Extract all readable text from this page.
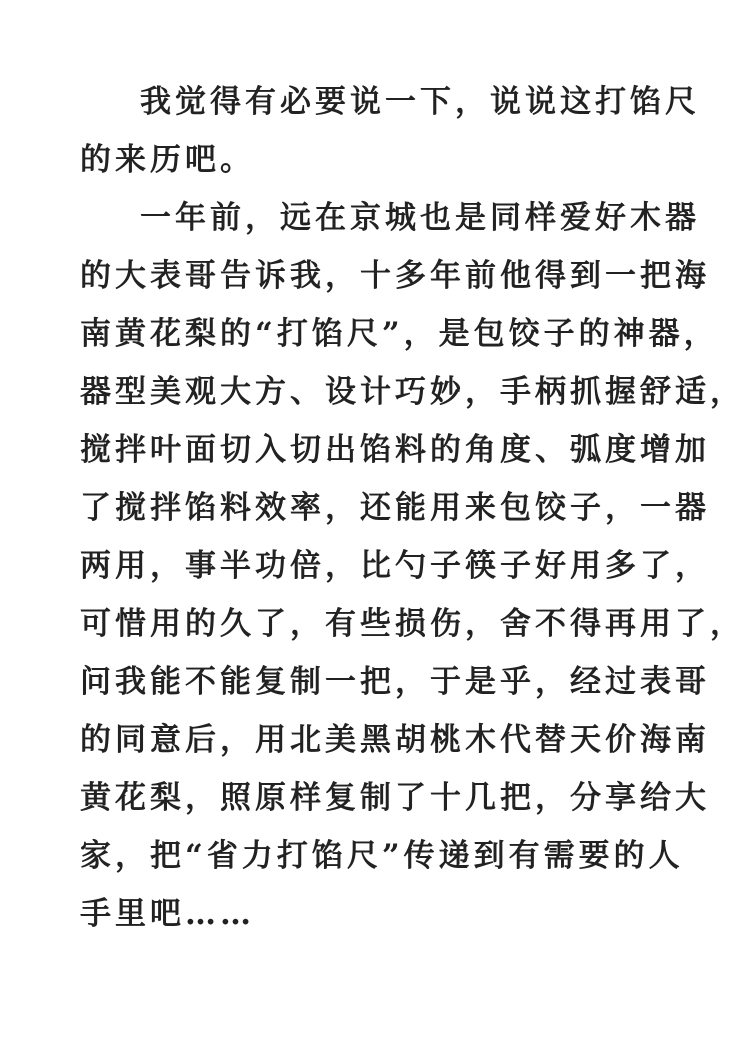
我觉得有必要说一下，说说这打馅尺
的来历吧。
一年前，远在京城也是同样爱好木器
的大表哥告诉我，十多年前他得到一把海
南黄花梨的“打馅尺”，是包饺子的神器，
器型美观大方、设计巧妙，手柄抓握舒适，
搅拌叶面切入切出馅料的角度、弧度增加
了搅拌馅料效率，还能用来包饺子，一器
两用，事半功倍，比勺子筷子好用多了，
可惜用的久了，有些损伤，舍不得再用了，
问我能不能复制一把，于是乎，经过表哥
的同意后，用北美黑胡桃木代替天价海南
黄花梨，照原样复制了十几把，分享给大
家，把“省力打馅尺”传递到有需要的人
手里吧……
